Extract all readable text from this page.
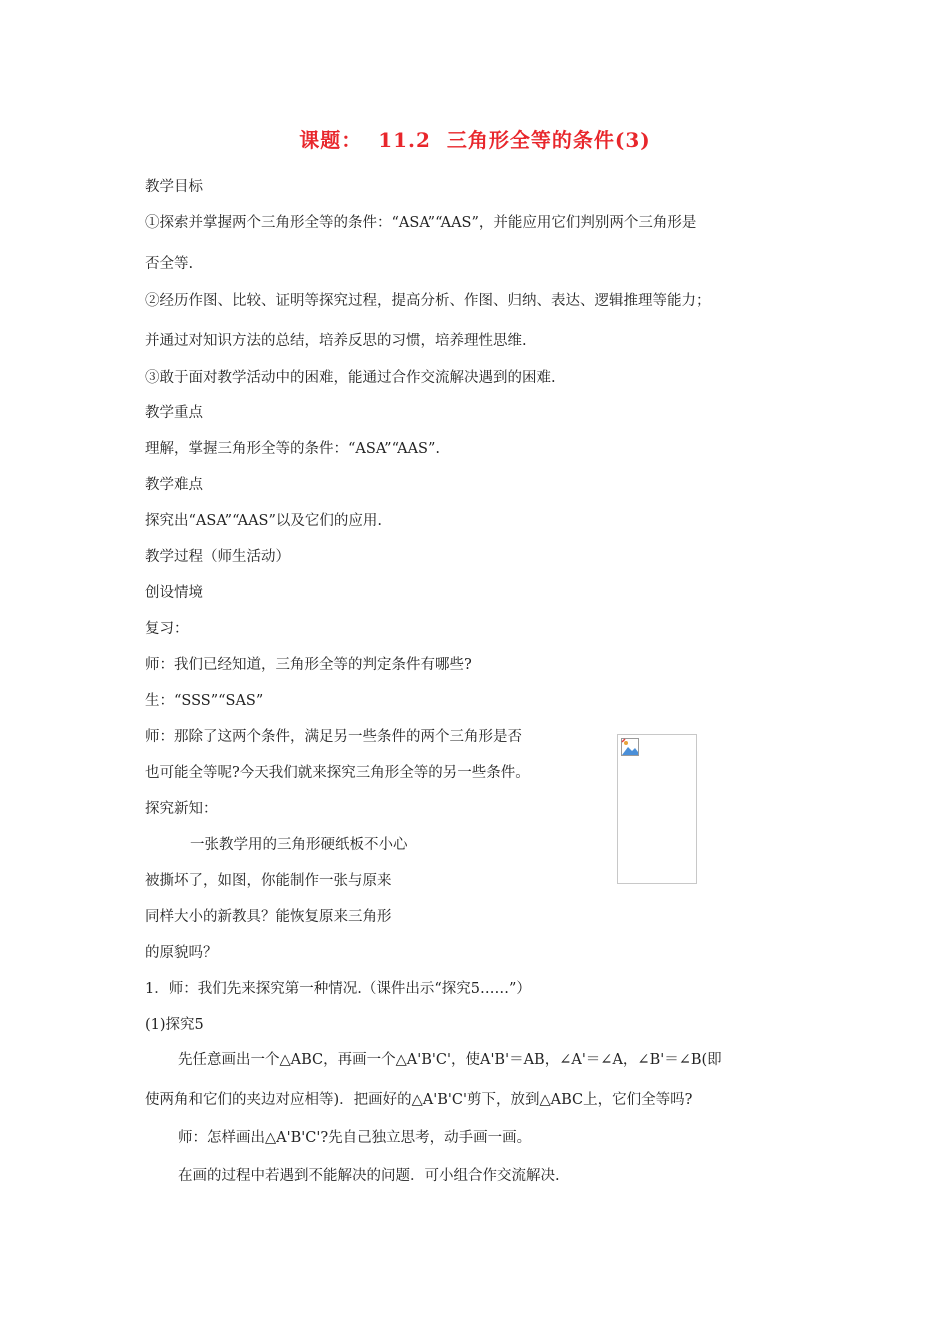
课题：  11.2  三角形全等的条件(3)
教学目标
①探索并掌握两个三角形全等的条件：“ASA”“AAS”，并能应用它们判别两个三角形是
否全等.
②经历作图、比较、证明等探究过程，提高分析、作图、归纳、表达、逻辑推理等能力；
并通过对知识方法的总结，培养反思的习惯，培养理性思维.
③敢于面对教学活动中的困难，能通过合作交流解决遇到的困难.
教学重点
理解，掌握三角形全等的条件：“ASA”“AAS”.
教学难点
探究出“ASA”“AAS”以及它们的应用.
教学过程（师生活动）
创设情境
复习：
师：我们已经知道，三角形全等的判定条件有哪些?
生：“SSS”“SAS”
师：那除了这两个条件，满足另一些条件的两个三角形是否
也可能全等呢?今天我们就来探究三角形全等的另一些条件。
探究新知：
一张教学用的三角形硬纸板不小心
被撕坏了，如图，你能制作一张与原来
同样大小的新教具？能恢复原来三角形
的原貌吗？
1．师：我们先来探究第一种情况.（课件出示“探究5……”）
(1)探究5
先任意画出一个△ABC，再画一个△A'B'C'，使A'B'＝AB，∠A'＝∠A，∠B'＝∠B(即
使两角和它们的夹边对应相等)．把画好的△A'B'C'剪下，放到△ABC上，它们全等吗?
师：怎样画出△A'B'C'?先自己独立思考，动手画一画。
在画的过程中若遇到不能解决的问题．可小组合作交流解决.
